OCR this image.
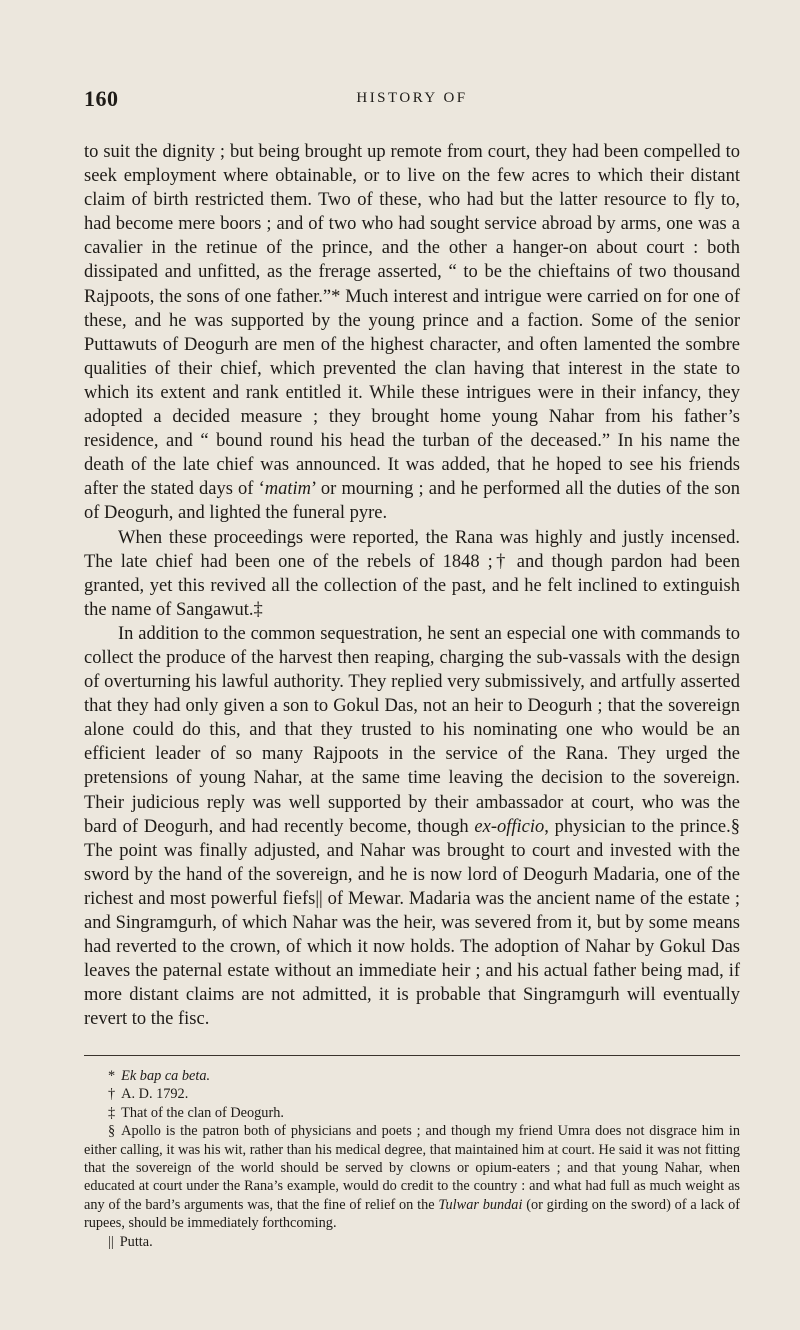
160	HISTORY OF

to suit the dignity ; but being brought up remote from court, they had been compelled to seek employment where obtainable, or to live on the few acres to which their distant claim of birth restricted them. Two of these, who had but the latter resource to fly to, had become mere boors ; and of two who had sought service abroad by arms, one was a cavalier in the retinue of the prince, and the other a hanger-on about court : both dissipated and unfitted, as the frerage asserted, “ to be the chieftains of two thousand Rajpoots, the sons of one father.”* Much interest and intrigue were carried on for one of these, and he was supported by the young prince and a faction. Some of the senior Puttawuts of Deogurh are men of the highest character, and often lamented the sombre qualities of their chief, which prevented the clan having that interest in the state to which its extent and rank entitled it. While these intrigues were in their infancy, they adopted a decided measure ; they brought home young Nahar from his father’s residence, and “ bound round his head the turban of the deceased.” In his name the death of the late chief was announced. It was added, that he hoped to see his friends after the stated days of ‘matim’ or mourning ; and he performed all the duties of the son of Deogurh, and lighted the funeral pyre.

When these proceedings were reported, the Rana was highly and justly incensed. The late chief had been one of the rebels of 1848 ;† and though pardon had been granted, yet this revived all the collection of the past, and he felt inclined to extinguish the name of Sangawut.‡

In addition to the common sequestration, he sent an especial one with commands to collect the produce of the harvest then reaping, charging the sub-vassals with the design of overturning his lawful authority. They replied very submissively, and artfully asserted that they had only given a son to Gokul Das, not an heir to Deogurh ; that the sovereign alone could do this, and that they trusted to his nominating one who would be an efficient leader of so many Rajpoots in the service of the Rana. They urged the pretensions of young Nahar, at the same time leaving the decision to the sovereign. Their judicious reply was well supported by their ambassador at court, who was the bard of Deogurh, and had recently become, though ex-officio, physician to the prince.§ The point was finally adjusted, and Nahar was brought to court and invested with the sword by the hand of the sovereign, and he is now lord of Deogurh Madaria, one of the richest and most powerful fiefs|| of Mewar. Madaria was the ancient name of the estate ; and Singramgurh, of which Nahar was the heir, was severed from it, but by some means had reverted to the crown, of which it now holds. The adoption of Nahar by Gokul Das leaves the paternal estate without an immediate heir ; and his actual father being mad, if more distant claims are not admitted, it is probable that Singramgurh will eventually revert to the fisc.

* Ek bap ca beta.

† A. D. 1792.

‡ That of the clan of Deogurh.

§ Apollo is the patron both of physicians and poets ; and though my friend Umra does not disgrace him in either calling, it was his wit, rather than his medical degree, that maintained him at court. He said it was not fitting that the sovereign of the world should be served by clowns or opium-eaters ; and that young Nahar, when educated at court under the Rana’s example, would do credit to the country : and what had full as much weight as any of the bard’s arguments was, that the fine of relief on the Tulwar bundai (or girding on the sword) of a lack of rupees, should be immediately forthcoming.

|| Putta.
